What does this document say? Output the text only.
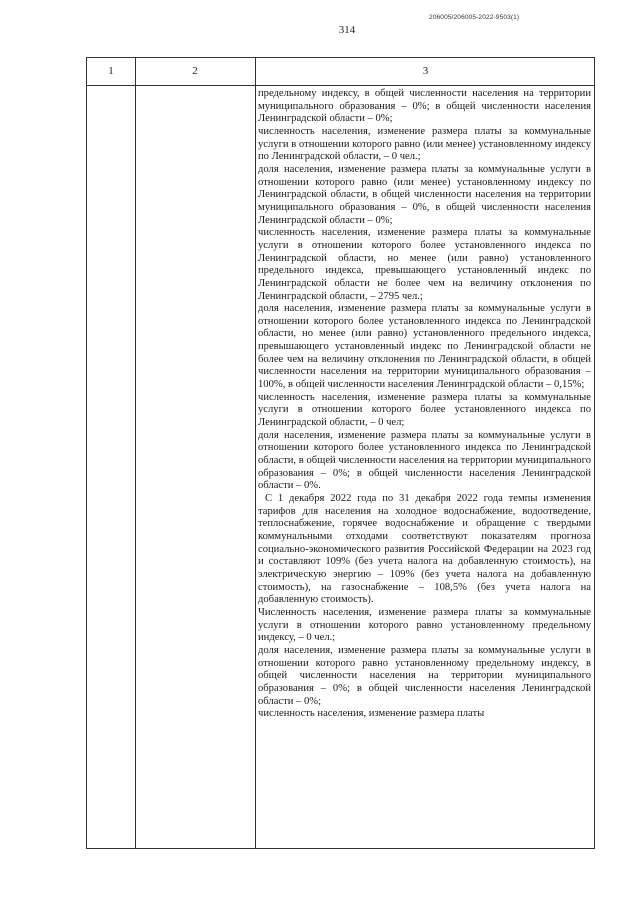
314
206005/206005-2022-9503(1)
1	2	3

предельному индексу, в общей численности населения на территории муниципального образования – 0%; в общей численности населения Ленинградской области – 0%;

численность населения, изменение размера платы за коммунальные услуги в отношении которого равно (или менее) установленному индексу по Ленинградской области, – 0 чел.;

доля населения, изменение размера платы за коммунальные услуги в отношении которого равно (или менее) установленному индексу по Ленинградской области, в общей численности населения на территории муниципального образования – 0%, в общей численности населения Ленинградской области – 0%;

численность населения, изменение размера платы за коммунальные услуги в отношении которого более установленного индекса по Ленинградской области, но менее (или равно) установленного предельного индекса, превышающего установленный индекс по Ленинградской области не более чем на величину отклонения по Ленинградской области, – 2795 чел.;

доля населения, изменение размера платы за коммунальные услуги в отношении которого более установленного индекса по Ленинградской области, но менее (или равно) установленного предельного индекса, превышающего установленный индекс по Ленинградской области не более чем на величину отклонения по Ленинградской области, в общей численности населения на территории муниципального образования – 100%, в общей численности населения Ленинградской области – 0,15%;

численность населения, изменение размера платы за коммунальные услуги в отношении которого более установленного индекса по Ленинградской области, – 0 чел;

доля населения, изменение размера платы за коммунальные услуги в отношении которого более установленного индекса по Ленинградской области, в общей численности населения на территории муниципального образования – 0%; в общей численности населения Ленинградской области – 0%.

С 1 декабря 2022 года по 31 декабря 2022 года темпы изменения тарифов для населения на холодное водоснабжение, водоотведение, теплоснабжение, горячее водоснабжение и обращение с твердыми коммунальными отходами соответствуют показателям прогноза социально-экономического развития Российской Федерации на 2023 год и составляют 109% (без учета налога на добавленную стоимость), на электрическую энергию – 109% (без учета налога на добавленную стоимость), на газоснабжение – 108,5% (без учета налога на добавленную стоимость).

Численность населения, изменение размера платы за коммунальные услуги в отношении которого равно установленному предельному индексу, – 0 чел.;

доля населения, изменение размера платы за коммунальные услуги в отношении которого равно установленному предельному индексу, в общей численности населения на территории муниципального образования – 0%; в общей численности населения Ленинградской области – 0%;

численность населения, изменение размера платы
